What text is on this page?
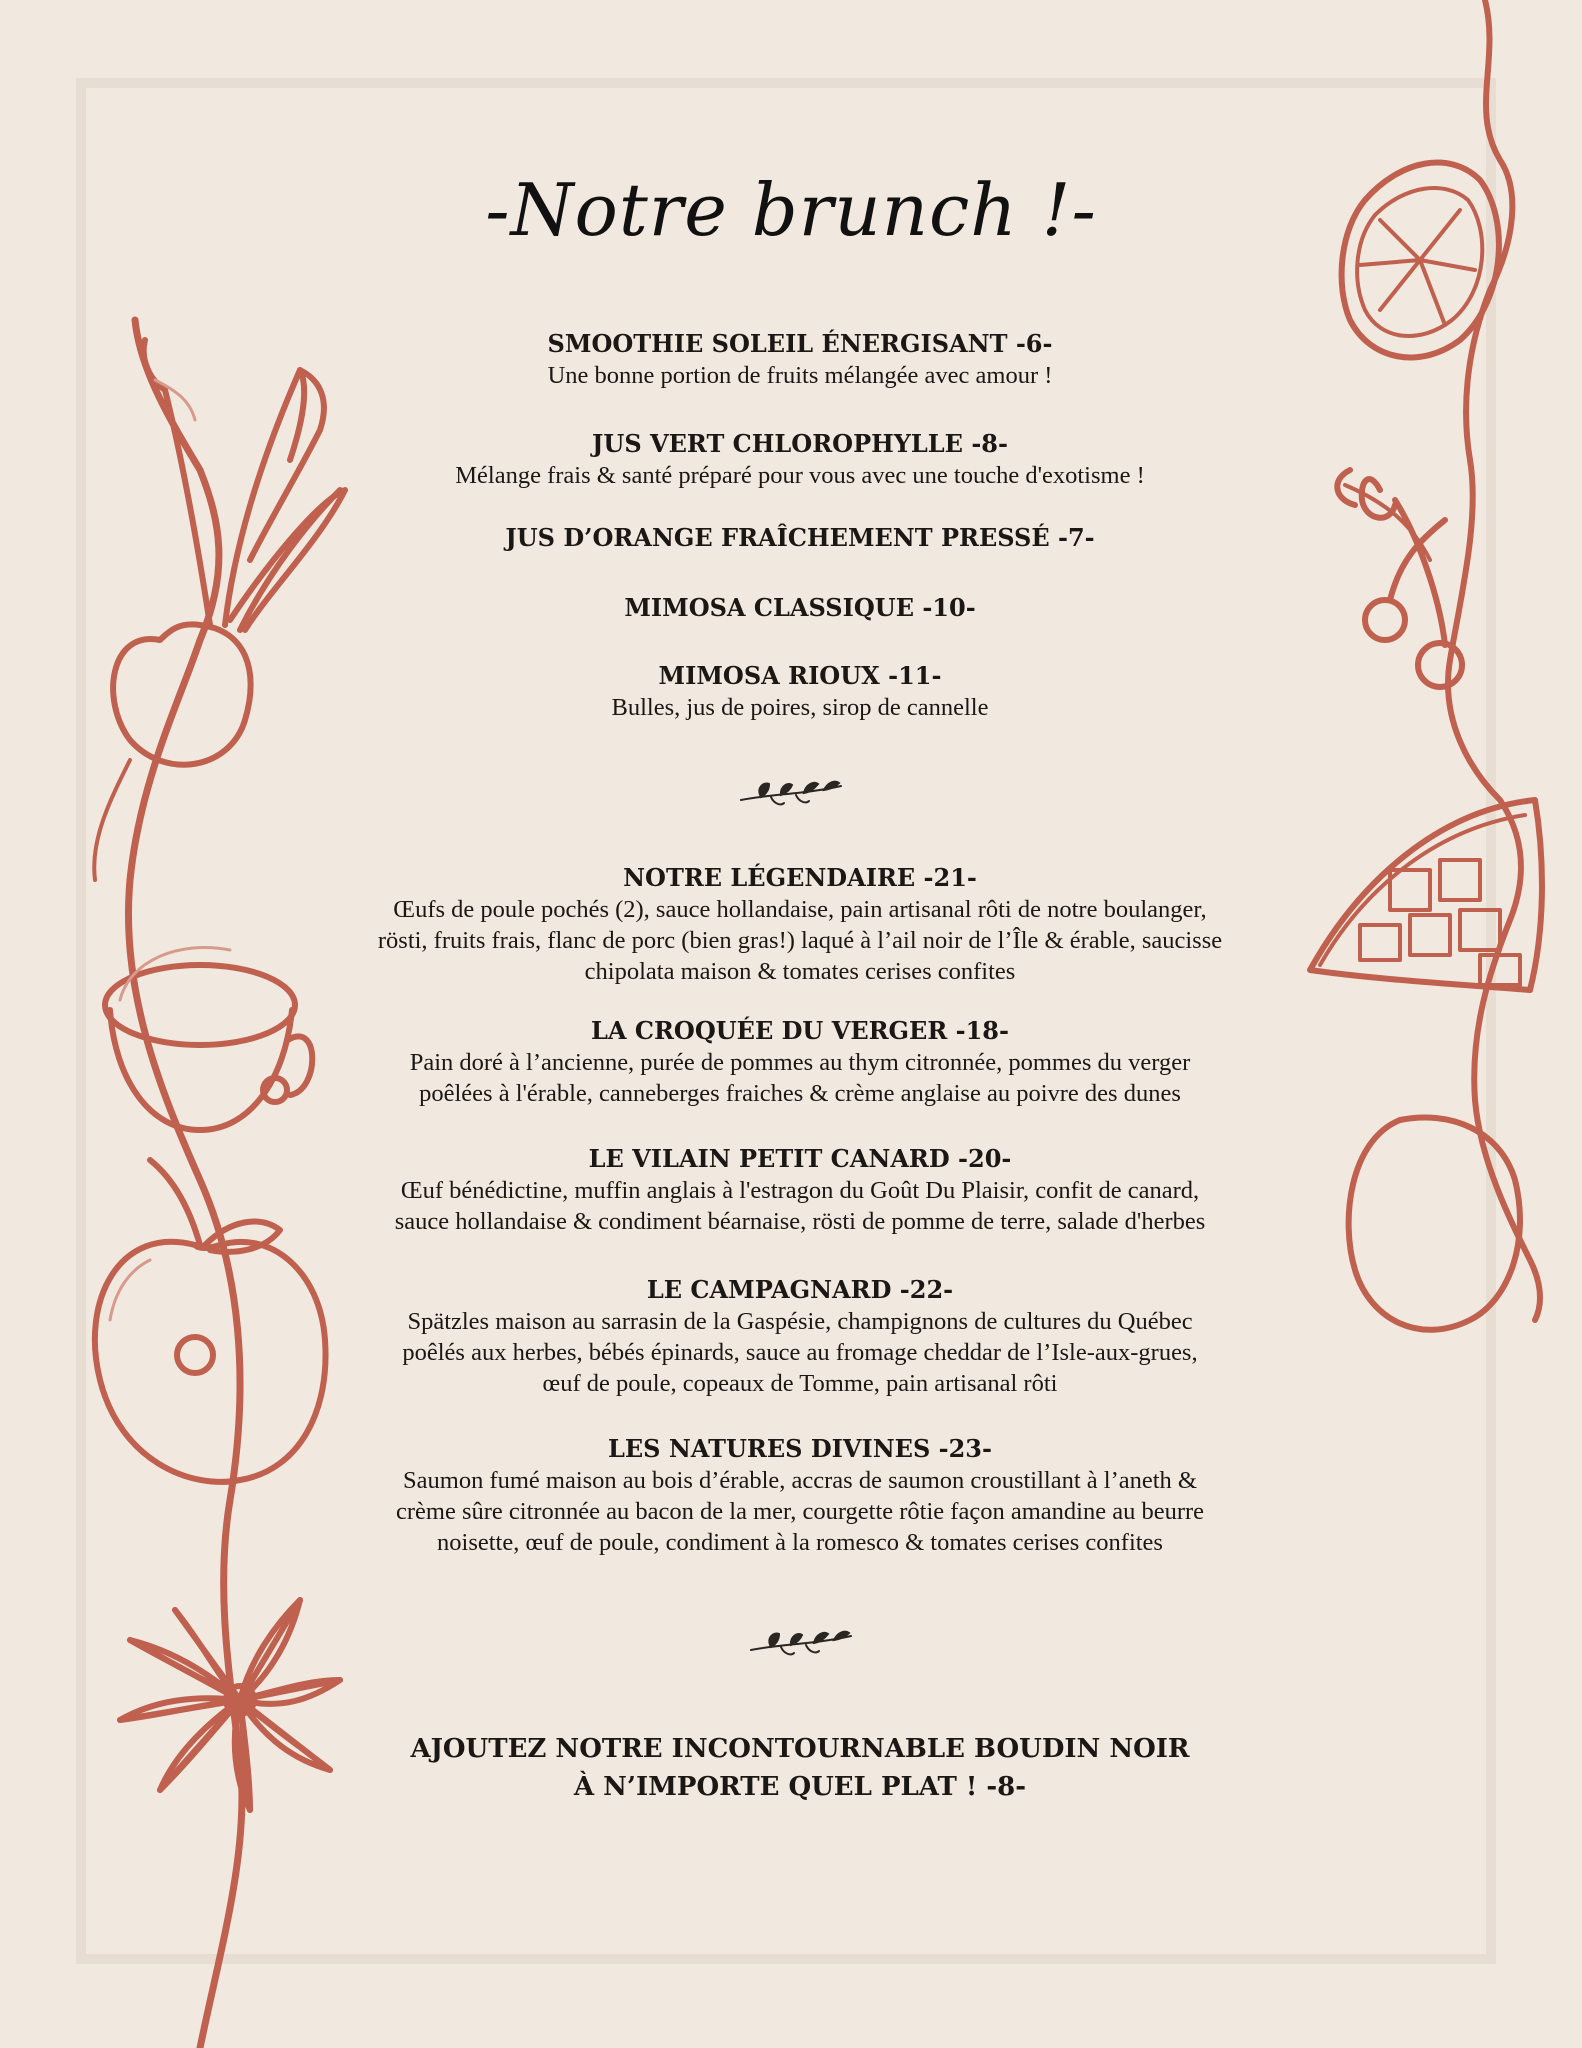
-Notre brunch !-
SMOOTHIE SOLEIL ÉNERGISANT -6-
Une bonne portion de fruits mélangée avec amour !
JUS VERT CHLOROPHYLLE -8-
Mélange frais & santé préparé pour vous avec une touche d'exotisme !
JUS D’ORANGE FRAÎCHEMENT PRESSÉ -7-
MIMOSA CLASSIQUE -10-
MIMOSA RIOUX -11-
Bulles, jus de poires, sirop de cannelle
NOTRE LÉGENDAIRE -21-
Œufs de poule pochés (2), sauce hollandaise, pain artisanal rôti de notre boulanger,
rösti, fruits frais, flanc de porc (bien gras!) laqué à l’ail noir de l’Île & érable, saucisse
chipolata maison & tomates cerises confites
LA CROQUÉE DU VERGER -18-
Pain doré à l’ancienne, purée de pommes au thym citronnée, pommes du verger
poêlées à l'érable, canneberges fraiches & crème anglaise au poivre des dunes
LE VILAIN PETIT CANARD -20-
Œuf bénédictine, muffin anglais à l'estragon du Goût Du Plaisir, confit de canard,
sauce hollandaise & condiment béarnaise, rösti de pomme de terre, salade d'herbes
LE CAMPAGNARD -22-
Spätzles maison au sarrasin de la Gaspésie, champignons de cultures du Québec
poêlés aux herbes, bébés épinards, sauce au fromage cheddar de l’Isle-aux-grues,
œuf de poule, copeaux de Tomme, pain artisanal rôti
LES NATURES DIVINES -23-
Saumon fumé maison au bois d’érable, accras de saumon croustillant à l’aneth &
crème sûre citronnée au bacon de la mer, courgette rôtie façon amandine au beurre
noisette, œuf de poule, condiment à la romesco & tomates cerises confites
AJOUTEZ NOTRE INCONTOURNABLE BOUDIN NOIR
À N’IMPORTE QUEL PLAT ! -8-
